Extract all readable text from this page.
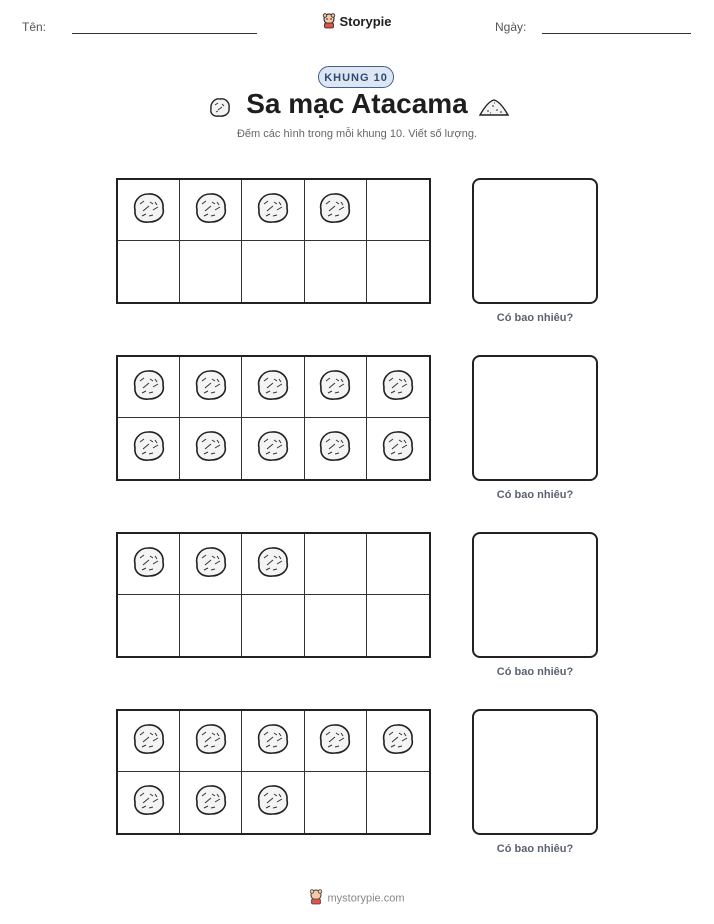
Tên:	Storypie	Ngày:
KHUNG 10
Sa mạc Atacama
Đếm các hình trong mỗi khung 10. Viết số lượng.
Có bao nhiêu?
Có bao nhiêu?
Có bao nhiêu?
Có bao nhiêu?
mystorypie.com
